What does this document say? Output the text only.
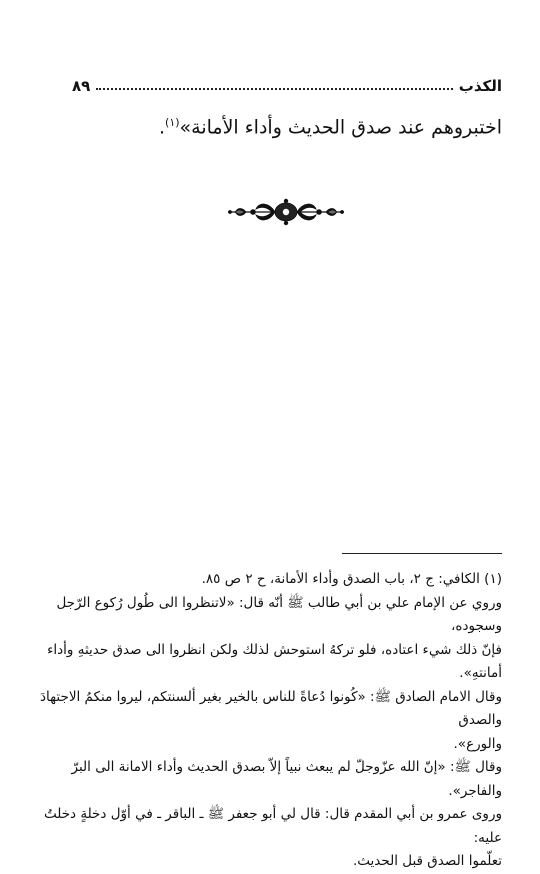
الكذب
٨٩
اختبروهم عند صدق الحديث وأداء الأمانة»$^{(١)}$.

(١) الكافي: ج ٢، باب الصدق وأداء الأمانة، ح ٢ ص ٨٥.

وروي عن الإمام علي بن أبي طالب ﷺ أنّه قال: «لاتنظروا الى طُول رُكوع الرّجل وسجوده،

فإنّ ذلك شيء اعتاده، فلو تركهُ استوحش لذلك ولكن انظروا الى صدق حديثهِ وأداء أمانتهِ».

وقال الامام الصادق ﷺ: «كُونوا دُعاةً للناس بالخير بغير ألسنتكم، ليروا منكمُ الاجتهادَ والصدق

والورع».

وقال ﷺ: «إنّ الله عزّوجلّ لم يبعث نبياً إلاّ بصدق الحديث وأداء الامانة الى البرّ والفاجر».

وروى عمرو بن أبي المقدم قال: قال لي أبو جعفر ﷺ ـ الباقر ـ في أوّل دخلةٍ دخلتُ عليه:

تعلّموا الصدق قبل الحديث.
